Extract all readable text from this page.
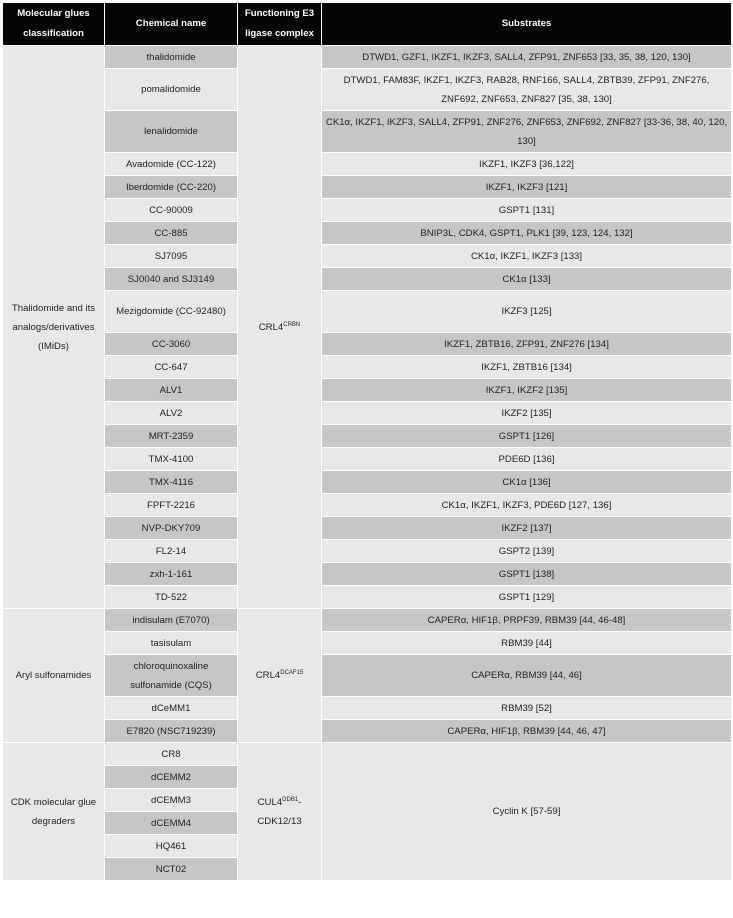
Molecular glues classification	Chemical name	Functioning E3 ligase complex	Substrates
Thalidomide and its analogs/derivatives (IMiDs)	thalidomide	$CRL4^{CRBN}$	DTWD1, GZF1, IKZF1, IKZF3, SALL4, ZFP91, ZNF653 [33, 35, 38, 120, 130]
	pomalidomide		DTWD1, FAM83F, IKZF1, IKZF3, RAB28, RNF166, SALL4, ZBTB39, ZFP91, ZNF276, ZNF692, ZNF653, ZNF827 [35, 38, 130]
	lenalidomide		CK1α, IKZF1, IKZF3, SALL4, ZFP91, ZNF276, ZNF653, ZNF692, ZNF827 [33-36, 38, 40, 120, 130]
	Avadomide (CC-122)		IKZF1, IKZF3 [36,122]
	Iberdomide (CC-220)		IKZF1, IKZF3 [121]
	CC-90009		GSPT1 [131]
	CC-885		BNIP3L, CDK4, GSPT1, PLK1 [39, 123, 124, 132]
	SJ7095		CK1α, IKZF1, IKZF3 [133]
	SJ0040 and SJ3149		CK1α [133]
	Mezigdomide (CC-92480)		IKZF3 [125]
	CC-3060		IKZF1, ZBTB16, ZFP91, ZNF276 [134]
	CC-647		IKZF1, ZBTB16 [134]
	ALV1		IKZF1, IKZF2 [135]
	ALV2		IKZF2 [135]
	MRT-2359		GSPT1 [126]
	TMX-4100		PDE6D [136]
	TMX-4116		CK1α [136]
	FPFT-2216		CK1α, IKZF1, IKZF3, PDE6D [127, 136]
	NVP-DKY709		IKZF2 [137]
	FL2-14		GSPT2 [139]
	zxh-1-161		GSPT1 [138]
	TD-522		GSPT1 [129]
Aryl sulfonamides	indisulam (E7070)	$CRL4^{DCAF15}$	CAPERα, HIF1β, PRPF39, RBM39 [44, 46-48]
	tasisulam		RBM39 [44]
	chloroquinoxaline sulfonamide (CQS)		CAPERα, RBM39 [44, 46]
	dCeMM1		RBM39 [52]
	E7820 (NSC719239)		CAPERα, HIF1β, RBM39 [44, 46, 47]
CDK molecular glue degraders	CR8	$CUL4^{DDB1}-CDK12/13$	Cyclin K [57-59]
	dCEMM2		
	dCEMM3		
	dCEMM4		
	HQ461		
	NCT02		
